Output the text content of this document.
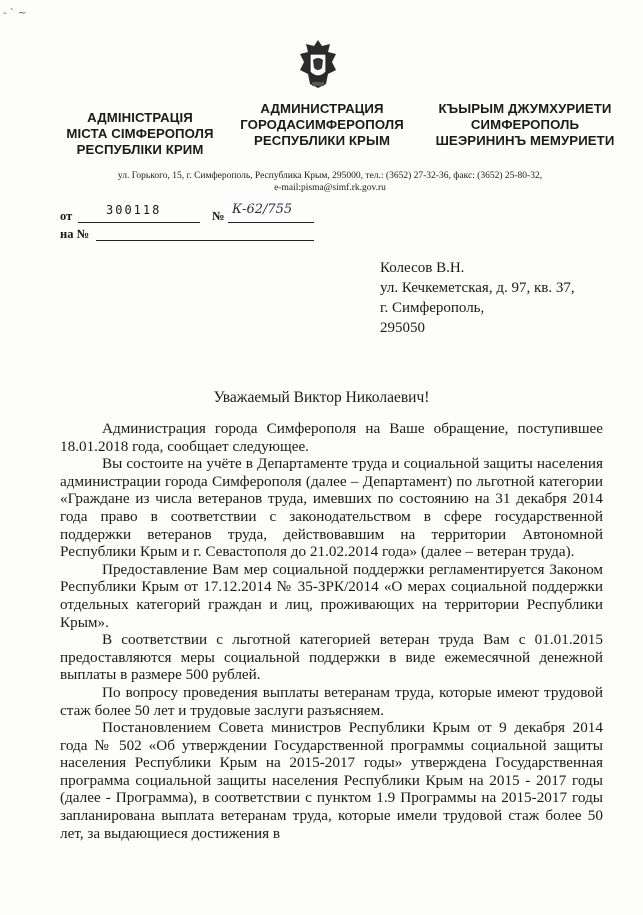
- ` ~
АДМІНІСТРАЦІЯ
МІСТА СІМФЕРОПОЛЯ
РЕСПУБЛІКИ КРИМ
АДМИНИСТРАЦИЯ
ГОРОДАСИМФЕРОПОЛЯ
РЕСПУБЛИКИ КРЫМ
КЪЫРЫМ ДЖУМХУРИЕТИ
СИМФЕРОПОЛЬ
ШЕЭРИНИНЪ МЕМУРИЕТИ
ул. Горького, 15, г. Симферополь, Республика Крым, 295000, тел.: (3652) 27-32-36, факс: (3652) 25-80-32,
e-mail:pisma@simf.rk.gov.ru
от	300118	№ К-62/755
на №
Колесов В.Н.
ул. Кечкеметская, д. 97, кв. 37,
г. Симферополь,
295050
Уважаемый Виктор Николаевич!

Администрация города Симферополя на Ваше обращение, поступившее 18.01.2018 года, сообщает следующее.

Вы состоите на учёте в Департаменте труда и социальной защиты населения администрации города Симферополя (далее – Департамент) по льготной категории «Граждане из числа ветеранов труда, имевших по состоянию на 31 декабря 2014 года право в соответствии с законодательством в сфере государственной поддержки ветеранов труда, действовавшим на территории Автономной Республики Крым и г. Севастополя до 21.02.2014 года» (далее – ветеран труда).

Предоставление Вам мер социальной поддержки регламентируется Законом Республики Крым от 17.12.2014 № 35-ЗРК/2014 «О мерах социальной поддержки отдельных категорий граждан и лиц, проживающих на территории Республики Крым».

В соответствии с льготной категорией ветеран труда Вам с 01.01.2015 предоставляются меры социальной поддержки в виде ежемесячной денежной выплаты в размере 500 рублей.

По вопросу проведения выплаты ветеранам труда, которые имеют трудовой стаж более 50 лет и трудовые заслуги разъясняем.

Постановлением Совета министров Республики Крым от 9 декабря 2014 года № 502 «Об утверждении Государственной программы социальной защиты населения Республики Крым на 2015-2017 годы» утверждена Государственная программа социальной защиты населения Республики Крым на 2015 - 2017 годы (далее - Программа), в соответствии с пунктом 1.9 Программы на 2015-2017 годы запланирована выплата ветеранам труда, которые имели трудовой стаж более 50 лет, за выдающиеся достижения в
